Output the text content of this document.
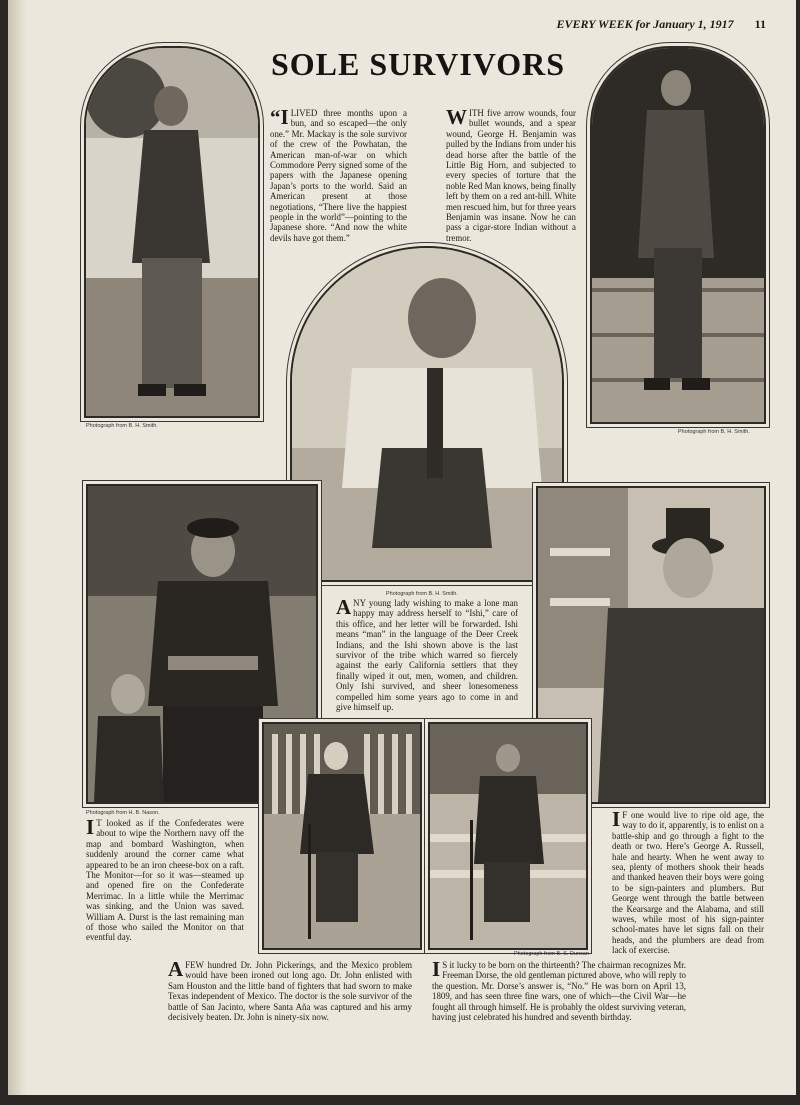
EVERY WEEK for January 1, 1917 11
SOLE SURVIVORS
Photograph from B. H. Smith.
Photograph from B. H. Smith.

“I LIVED three months upon a bun, and so escaped—the only one.” Mr. Mackay is the sole survivor of the crew of the Powhatan, the American man-of-war on which Commodore Perry signed some of the papers with the Japanese opening Japan’s ports to the world. Said an American present at those negotiations, “There live the happiest people in the world”—pointing to the Japanese shore. “And now the white devils have got them.”

WITH five arrow wounds, four bullet wounds, and a spear wound, George H. Benjamin was pulled by the Indians from under his dead horse after the battle of the Little Big Horn, and subjected to every species of torture that the noble Red Man knows, being finally left by them on a red ant-hill. White men rescued him, but for three years Benjamin was insane. Now he can pass a cigar-store Indian without a tremor.

Photograph from B. H. Smith.

ANY young lady wishing to make a lone man happy may address herself to “Ishi,” care of this office, and her letter will be forwarded. Ishi means “man” in the language of the Deer Creek Indians, and the Ishi shown above is the last survivor of the tribe which warred so fiercely against the early California settlers that they finally wiped it out, men, women, and children. Only Ishi survived, and sheer lonesomeness compelled him some years ago to come in and give himself up.

Photograph from H. B. Nason.

I T looked as if the Confederates were about to wipe the Northern navy off the map and bombard Washington, when suddenly around the corner came what appeared to be an iron cheese-box on a raft. The Monitor—for so it was—steamed up and opened fire on the Confederate Merrimac. In a little while the Merrimac was sinking, and the Union was saved. William A. Durst is the last remaining man of those who sailed the Monitor on that eventful day.

I F one would live to ripe old age, the way to do it, apparently, is to enlist on a battle-ship and go through a fight to the death or two. Here’s George A. Russell, hale and hearty. When he went away to sea, plenty of mothers shook their heads and thanked heaven their boys were going to be sign-painters and plumbers. But George went through the battle between the Kearsarge and the Alabama, and still waves, while most of his sign-painter school-mates have let signs fall on their heads, and the plumbers are dead from lack of exercise.

Photograph from B. S. Duncan

A FEW hundred Dr. John Pickerings, and the Mexico problem would have been ironed out long ago. Dr. John enlisted with Sam Houston and the little band of fighters that had sworn to make Texas independent of Mexico. The doctor is the sole survivor of the battle of San Jacinto, where Santa Aña was captured and his army decisively beaten. Dr. John is ninety-six now.

I S it lucky to be born on the thirteenth? The chairman recognizes Mr. Freeman Dorse, the old gentleman pictured above, who will reply to the question. Mr. Dorse’s answer is, “No.” He was born on April 13, 1809, and has seen three fine wars, one of which—the Civil War—he fought all through himself. He is probably the oldest surviving veteran, having just celebrated his hundred and seventh birthday.
